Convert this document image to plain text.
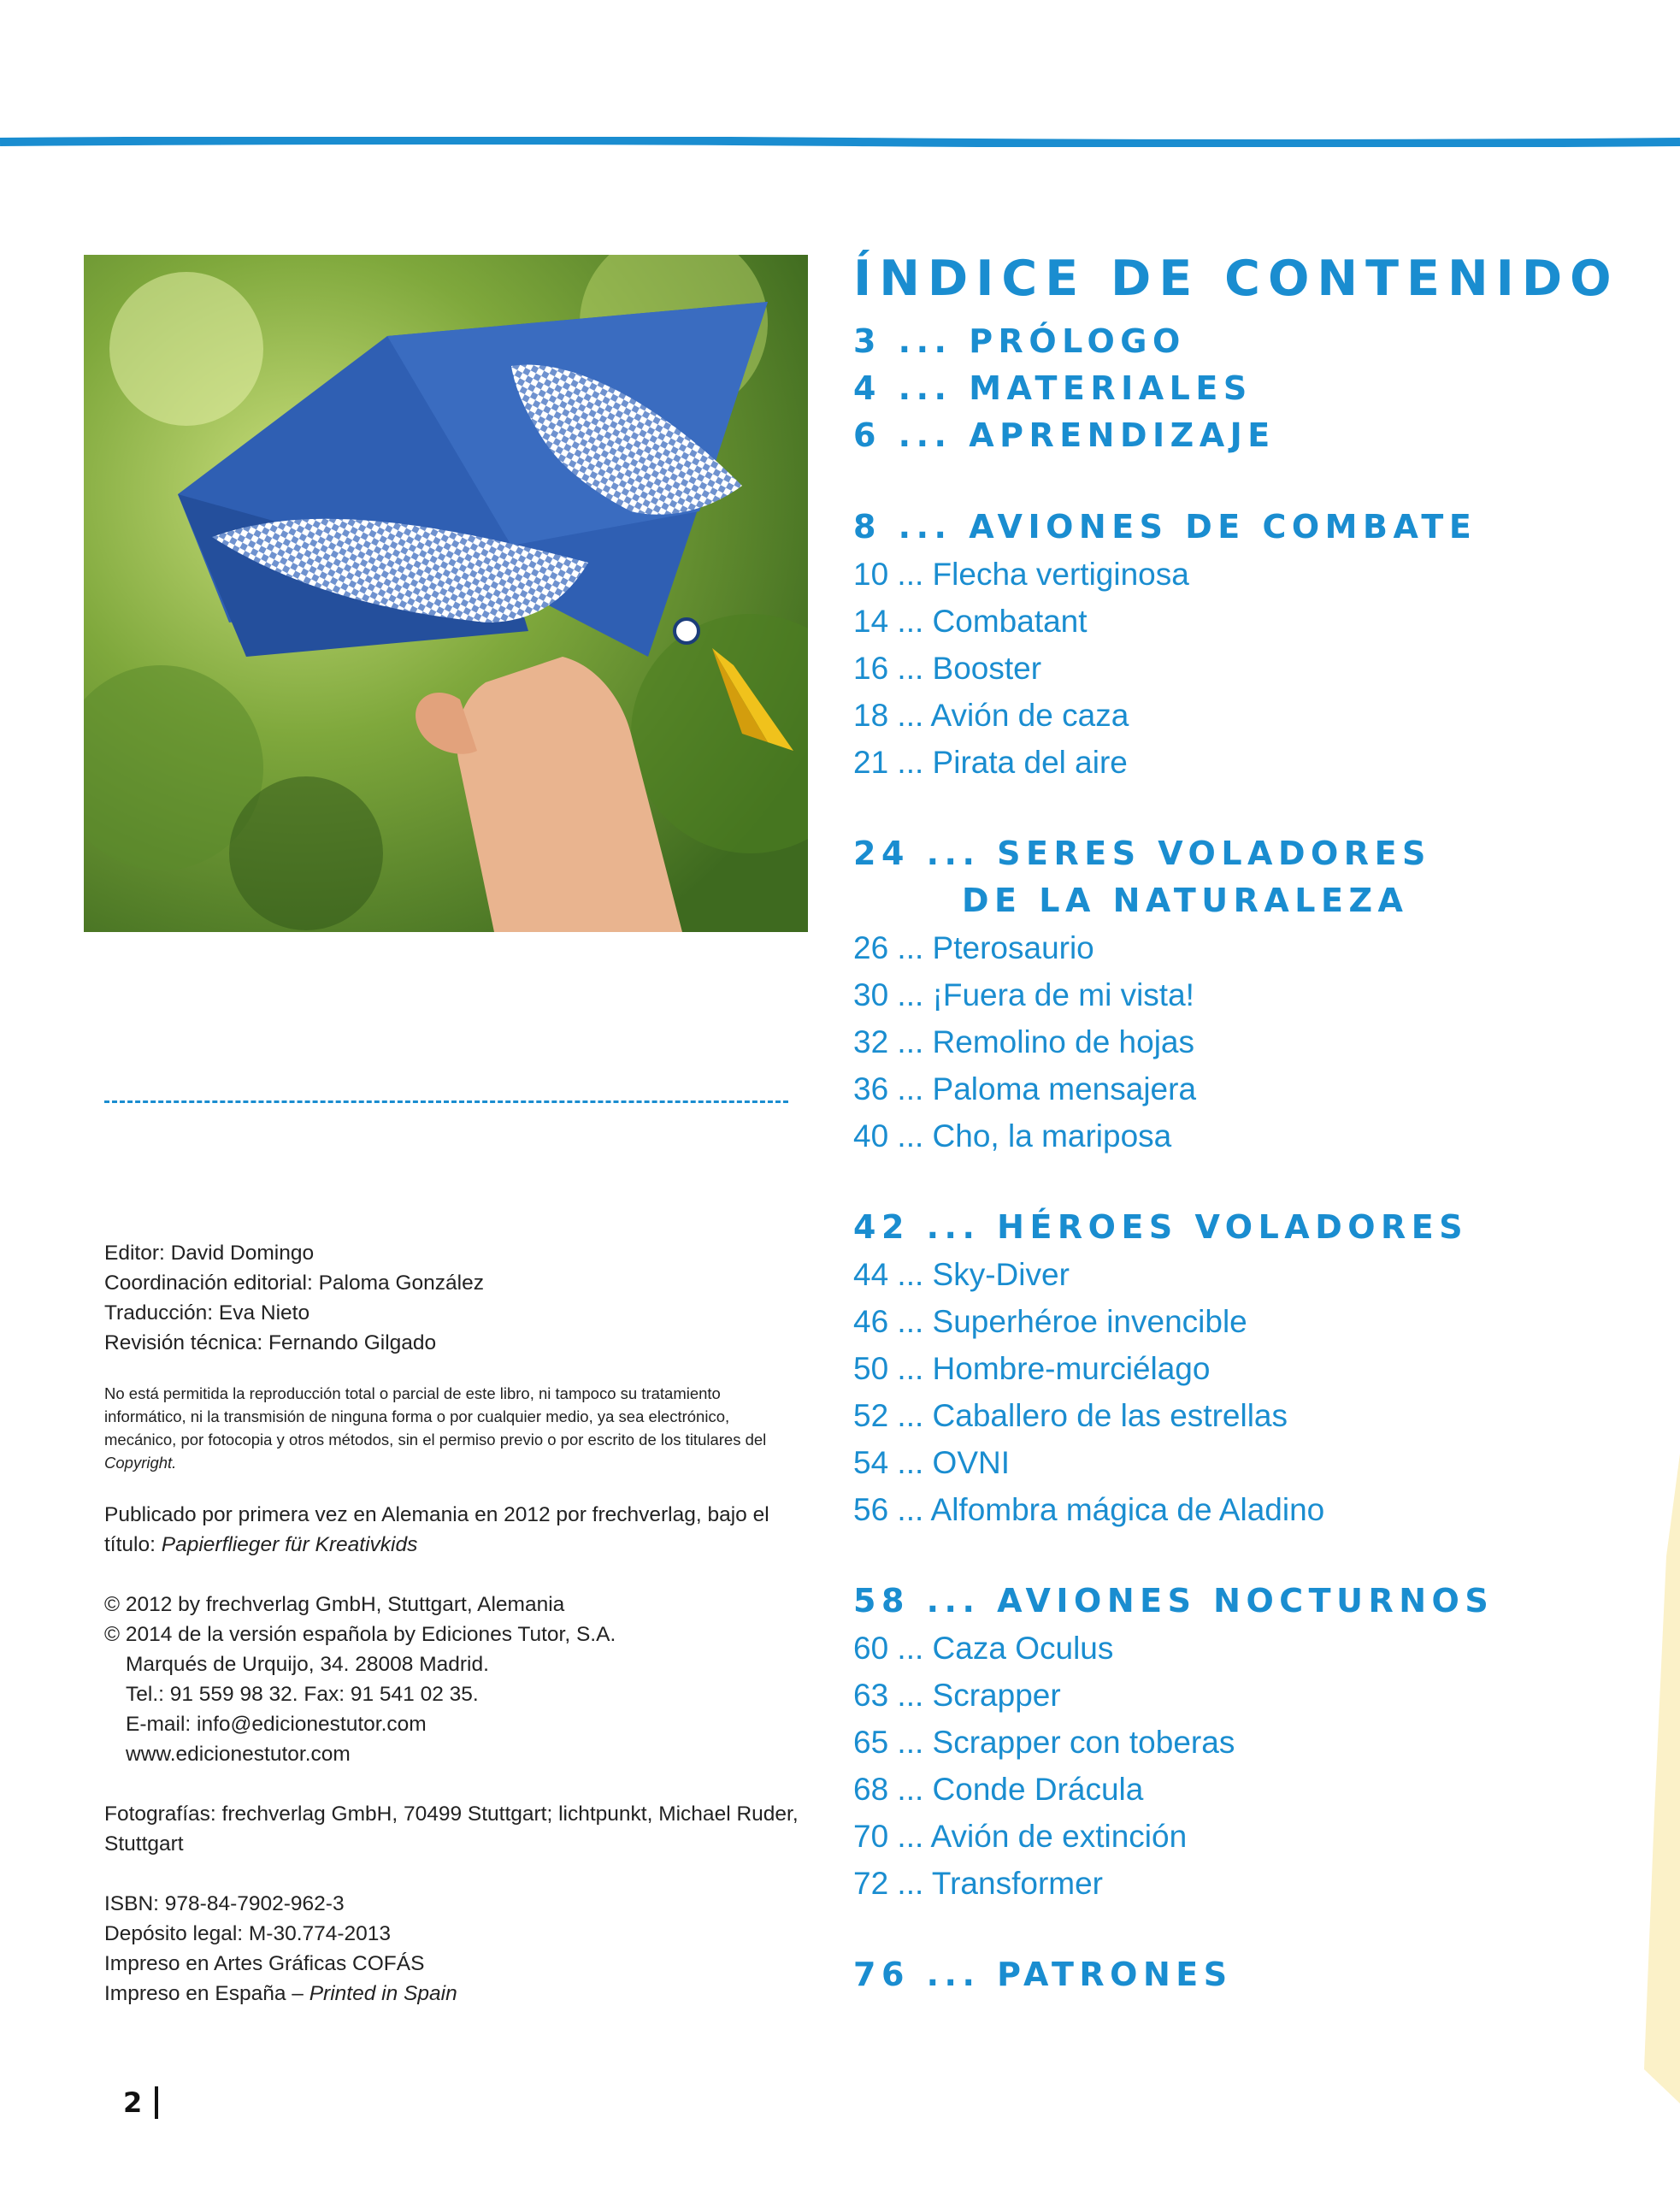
Editor: David Domingo
Coordinación editorial: Paloma González
Traducción: Eva Nieto
Revisión técnica: Fernando Gilgado
No está permitida la reproducción total o parcial de este libro, ni tampoco su tratamiento informático, ni la transmisión de ninguna forma o por cualquier medio, ya sea electrónico, mecánico, por fotocopia y otros métodos, sin el permiso previo o por escrito de los titulares del Copyright.
Publicado por primera vez en Alemania en 2012 por frechverlag, bajo el título: Papierflieger für Kreativkids
© 2012 by frechverlag GmbH, Stuttgart, Alemania
© 2014 de la versión española by Ediciones Tutor, S.A.
Marqués de Urquijo, 34. 28008 Madrid.
Tel.: 91 559 98 32. Fax: 91 541 02 35.
E-mail: info@edicionestutor.com
www.edicionestutor.com
Fotografías: frechverlag GmbH, 70499 Stuttgart; lichtpunkt, Michael Ruder, Stuttgart
ISBN: 978-84-7902-962-3
Depósito legal: M-30.774-2013
Impreso en Artes Gráficas COFÁS
Impreso en España – Printed in Spain
ÍNDICE DE CONTENIDO
3 ... PRÓLOGO
4 ... MATERIALES
6 ... APRENDIZAJE
8 ... AVIONES DE COMBATE
10 ... Flecha vertiginosa
14 ... Combatant
16 ... Booster
18 ... Avión de caza
21 ... Pirata del aire
24 ... SERES VOLADORES
DE LA NATURALEZA
26 ... Pterosaurio
30 ... ¡Fuera de mi vista!
32 ... Remolino de hojas
36 ... Paloma mensajera
40 ... Cho, la mariposa
42 ... HÉROES VOLADORES
44 ... Sky-Diver
46 ... Superhéroe invencible
50 ... Hombre-murciélago
52 ... Caballero de las estrellas
54 ... OVNI
56 ... Alfombra mágica de Aladino
58 ... AVIONES NOCTURNOS
60 ... Caza Oculus
63 ... Scrapper
65 ... Scrapper con toberas
68 ... Conde Drácula
70 ... Avión de extinción
72 ... Transformer
76 ... PATRONES
2
